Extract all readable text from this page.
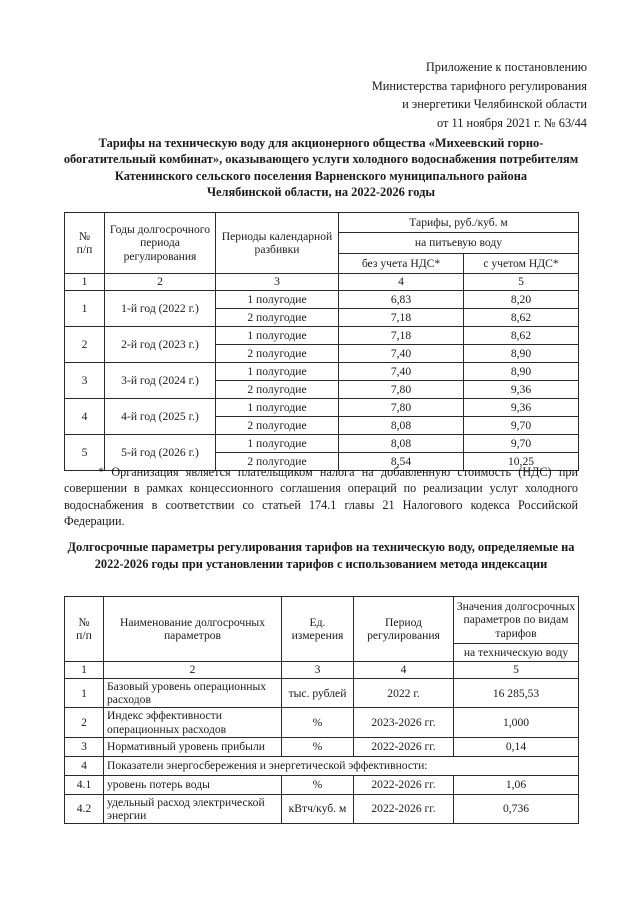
Приложение к постановлению
Министерства тарифного регулирования
и энергетики Челябинской области
от 11 ноября 2021 г. № 63/44
Тарифы на техническую воду для акционерного общества «Михеевский горно- обогатительный комбинат», оказывающего услуги холодного водоснабжения потребителям Катенинского сельского поселения Варненского муниципального района
Челябинской области, на 2022-2026 годы
№
п/п	Годы долгосрочного периода регулирования	Периоды календарной разбивки	Тарифы, руб./куб. м	
			на питьевую воду	
			без учета НДС*	с учетом НДС*
1	2	3	4	5
1	1-й год (2022 г.)	1 полугодие	6,83	8,20
		2 полугодие	7,18	8,62
2	2-й год (2023 г.)	1 полугодие	7,18	8,62
		2 полугодие	7,40	8,90
3	3-й год (2024 г.)	1 полугодие	7,40	8,90
		2 полугодие	7,80	9,36
4	4-й год (2025 г.)	1 полугодие	7,80	9,36
		2 полугодие	8,08	9,70
5	5-й год (2026 г.)	1 полугодие	8,08	9,70
		2 полугодие	8,54	10,25
* Организация является плательщиком налога на добавленную стоимость (НДС) при совершении в рамках концессионного соглашения операций по реализации услуг холодного водоснабжения в соответствии со статьей 174.1 главы 21 Налогового кодекса Российской Федерации.
Долгосрочные параметры регулирования тарифов на техническую воду, определяемые на 2022-2026 годы при установлении тарифов с использованием метода индексации
№
п/п	Наименование долгосрочных параметров	Ед. измерения	Период регулирования	Значения долгосрочных параметров по видам тарифов
				на техническую воду
1	2	3	4	5
1	Базовый уровень операционных расходов	тыс. рублей	2022 г.	16 285,53
2	Индекс эффективности операционных расходов	%	2023-2026 гг.	1,000
3	Нормативный уровень прибыли	%	2022-2026 гг.	0,14
4	Показатели энергосбережения и энергетической эффективности:			
4.1	уровень потерь воды	%	2022-2026 гг.	1,06
4.2	удельный расход электрической энергии	кВтч/куб. м	2022-2026 гг.	0,736
